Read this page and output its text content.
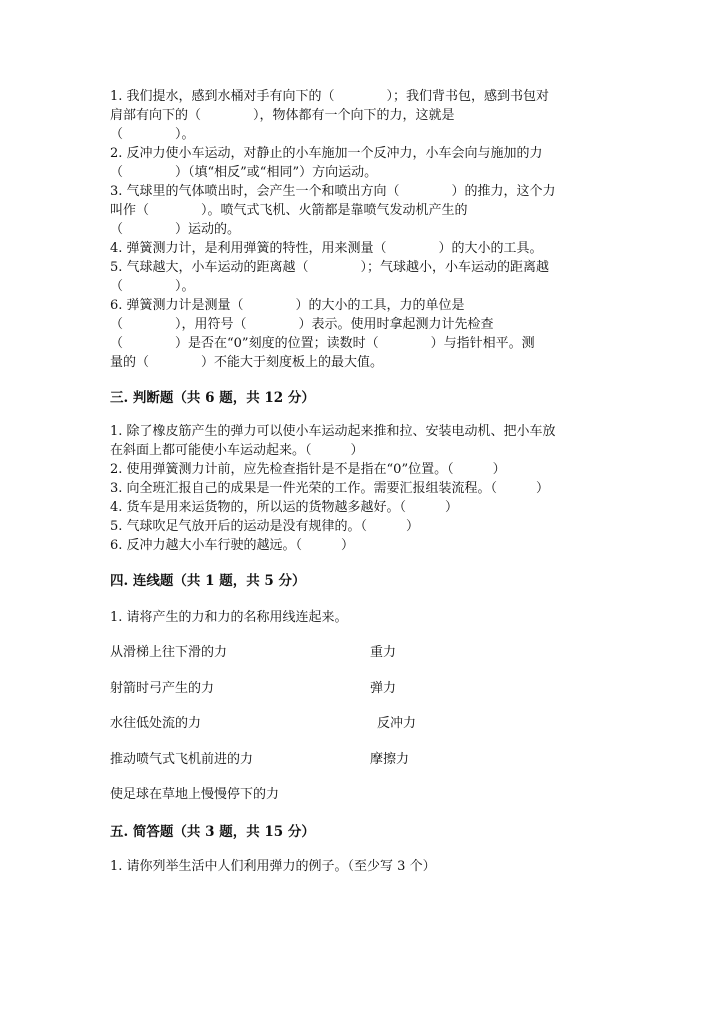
1. 我们提水，感到水桶对手有向下的（　　　　）；我们背书包，感到书包对
肩部有向下的（　　　　），物体都有一个向下的力，这就是
（　　　　）。
2. 反冲力使小车运动，对静止的小车施加一个反冲力，小车会向与施加的力
（　　　　）（填“相反”或“相同”）方向运动。
3. 气球里的气体喷出时，会产生一个和喷出方向（　　　　）的推力，这个力
叫作（　　　　）。喷气式飞机、火箭都是靠喷气发动机产生的
（　　　　）运动的。
4. 弹簧测力计，是利用弹簧的特性，用来测量（　　　　）的大小的工具。
5. 气球越大，小车运动的距离越（　　　　）；气球越小，小车运动的距离越
（　　　　）。
6. 弹簧测力计是测量（　　　　）的大小的工具，力的单位是
（　　　　），用符号（　　　　）表示。使用时拿起测力计先检查
（　　　　）是否在“0”刻度的位置；读数时（　　　　）与指针相平。测
量的（　　　　）不能大于刻度板上的最大值。
三. 判断题（共 6 题，共 12 分）
1. 除了橡皮筋产生的弹力可以使小车运动起来推和拉、安装电动机、把小车放
在斜面上都可能使小车运动起来。（　　　）
2. 使用弹簧测力计前，应先检查指针是不是指在“0”位置。（　　　）
3. 向全班汇报自己的成果是一件光荣的工作。需要汇报组装流程。（　　　）
4. 货车是用来运货物的，所以运的货物越多越好。（　　　）
5. 气球吹足气放开后的运动是没有规律的。（　　　）
6. 反冲力越大小车行驶的越远。（　　　）
四. 连线题（共 1 题，共 5 分）
1. 请将产生的力和力的名称用线连起来。
从滑梯上往下滑的力	重力
射箭时弓产生的力	弹力
水往低处流的力	反冲力
推动喷气式飞机前进的力	摩擦力
使足球在草地上慢慢停下的力
五. 简答题（共 3 题，共 15 分）
1. 请你列举生活中人们利用弹力的例子。（至少写 3 个）
